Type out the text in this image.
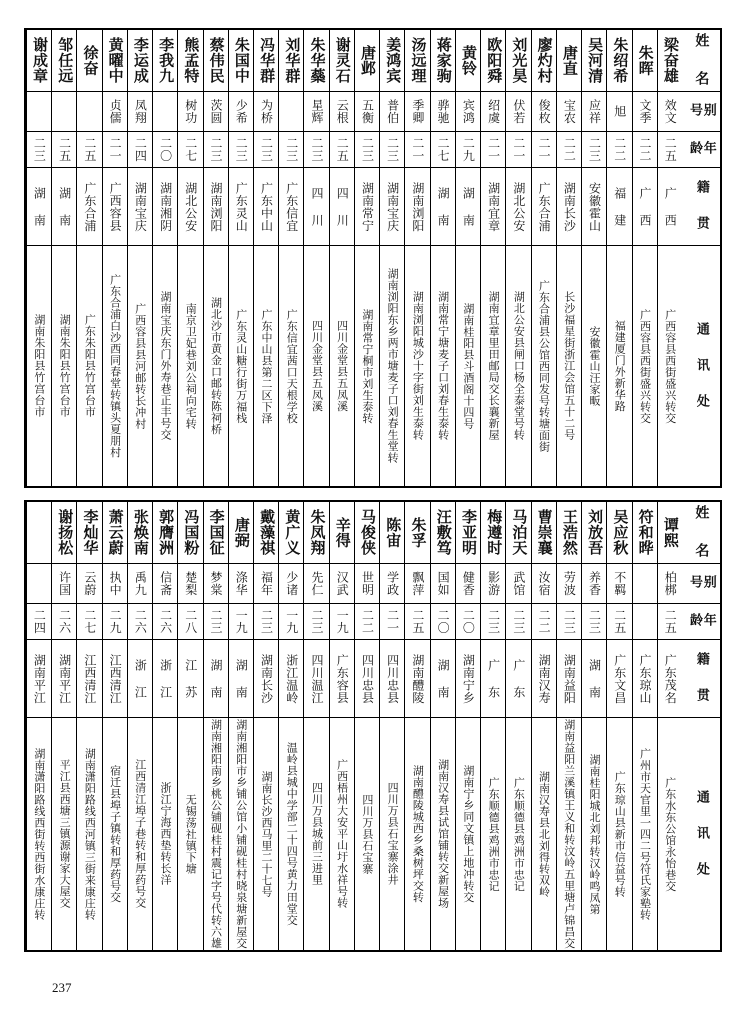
姓 名
别 号
年 龄
籍 贯
通 讯 处
梁奋雄
效文
二五
广 西
广西容县西街盛兴转交
朱晖
文季
二二
广 西
广西容县西街盛兴转交
朱绍希
旭
二二
福 建
福建厦门外新华路
吴河清
应祥
二三
安徽霍山
安徽霍山汪家畈
唐直
宝农
二二
湖南长沙
长沙福星街浙江会馆五十二号
廖灼村
俊枚
二一
广东合浦
广东合浦县公馆西同发号转塘面街
刘光昊
伏若
二一
湖北公安
湖北公安县闸口杨全泰堂号转
欧阳舜
绍虞
二一
湖南宜章
湖南宜章里田邮局交长襄新屋
黄铃
宾鸿
二九
湖 南
湖南桂阳县斗酒阁十四号
蒋家驹
骅驰
二七
湖 南
湖南常宁塘麦子口刘春生泰转
汤远理
季卿
二一
湖南浏阳
湖南浏阳城沙十字街刘生泰转
姜鸿宾
普伯
二三
湖南宝庆
湖南浏阳东乡两市塘麦子口刘春生堂转
唐邺
五衡
二三
湖南常宁
湖南常宁桐市刘生泰转
谢灵石
云根
二五
四 川
四川金堂县五凤溪
朱华蘂
星辉
二三
四 川
四川金堂县五凤溪
刘华群
二三
广东信宜
广东信宜茜口天根学校
冯华群
为桥
二三
广东中山
广东中山县第二区下泽
朱国中
少希
二三
广东灵山
广东灵山糖行街万福栈
蔡伟民
茨圆
二三
湖南浏阳
湖北沙市黄金口邮转陈祠桥
熊孟特
树功
二七
湖北公安
南京卫妃巷刘公祠向宅转
李我九
二〇
湖南湘阴
湖南宝庆东门外寿巷正丰号交
李运成
凤翔
二四
湖南宝庆
广西容县县河邮转长冲村
黄曜中
贞儒
二一
广西容县
广东合浦白沙西同春堂转镇头夏朋村
徐奋
二五
广东合浦
广东朱阳县竹宫台市
邹任远
二五
湖 南
湖南朱阳县竹宫台市
谢成章
二三
湖 南
湖南朱阳县竹宫台市
姓 名
别 号
年 龄
籍 贯
通 讯 处
谭熙
柏梆
二五
广东茂名
广东水东公馆永怡巷交
符和晔
广东琼山
广州市天官里一四二号符氏家塾转
吴应秋
不羁
二五
广东文昌
广东琼山县新市信益号转
刘放吾
养香
二三
湖 南
湖南桂阳城北刘邦转汉岭鸣凤第
王浩然
劳波
二三
湖南益阳
湖南益阳兰溪镇王义和转汶岭五里塘卢锦昌交
曹崇襄
汝宿
二二
湖南汉寿
湖南汉寿县北刘得转双岭
马泊天
武馆
二三
广 东
广东顺德县鸡洲市忠记
梅遵时
影游
二三
广 东
广东顺德县鸡洲市忠记
李亚明
健香
二〇
湖南宁乡
湖南宁乡同文镇上地冲转交
汪敷笃
国如
二〇
湖 南
湖南汉寿县试馆铺转交新屋场
朱孚
飘萍
二五
湖南醴陵
湖南醴陵城西乡桑树坪交转
陈宙
学政
二一
四川忠县
四川万县石宝寨涂井
马俊侠
世明
二二
四川忠县
四川万县石宝寨
辛得
汉武
一九
广东容县
广西梧州大安平山圩水祥号转
朱凤翔
先仁
二三
四川温江
四川万县城前三进里
黄广义
少诸
一九
浙江温岭
温岭县城中学部二十四号黄力田堂交
戴藻祺
福年
二三
湖南长沙
湖南长沙西马里二十七号
唐弼
涤华
一九
湖 南
湖南湘阳市乡铺公馆小铺砚桂村晓泉塘新屋交
李国征
梦棠
二三
湖 南
湖南湘阳南乡桃公铺砚桂村震记字号代转六雄
冯国粉
楚梨
二八
江 苏
无锡荡社镇下塘
郭膺洲
信斋
二六
浙 江
浙江宁海西垫转长洋
张焕南
禹九
二六
浙 江
江西清江埠子巷转和厚药号交
萧云蔚
执中
二九
江西清江
宿迁县埠子镇转和厚药号交
李灿华
云蔚
二七
江西清江
湖南潇阳路线西河镇三街来康庄转
谢扬松
许国
二六
湖南平江
平江县西塘三镇源谢家大屋交
二四
湖南平江
湖南潇阳路线西街转西街水康庄转
237
